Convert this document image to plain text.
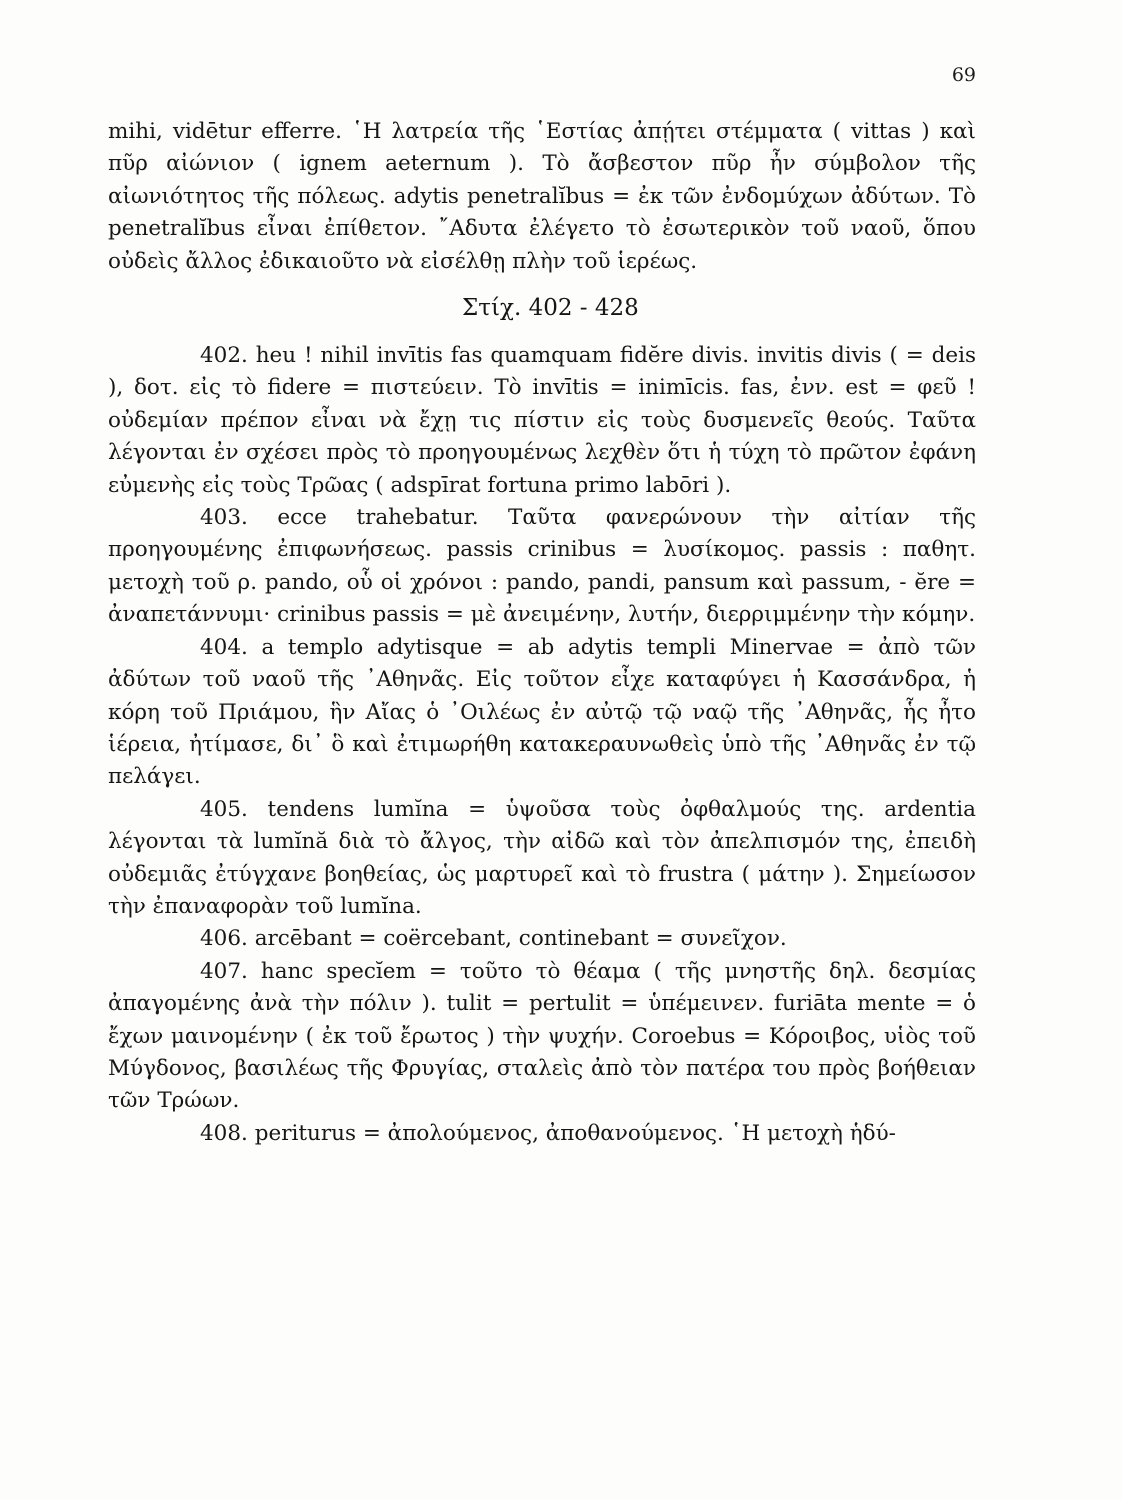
69

mihi, vidētur efferre. ῾Η λατρεία τῆς ῾Εστίας ἀπῄτει στέμματα ( vittas ) καὶ πῦρ αἰώνιον ( ignem aeternum ). Τὸ ἄσβεστον πῦρ ἦν σύμβολον τῆς αἰωνιότητος τῆς πόλεως. adytis penetralĭbus = ἐκ τῶν ἐνδομύχων ἀδύτων. Τὸ penetralĭbus εἶναι ἐπίθετον. ῎Αδυτα ἐλέγετο τὸ ἐσωτερικὸν τοῦ ναοῦ, ὅπου οὐδεὶς ἄλλος ἐδικαιοῦτο νὰ εἰσέλθῃ πλὴν τοῦ ἱερέως.

Στίχ. 402 - 428

402. heu ! nihil invītis fas quamquam fidĕre divis. invitis divis ( = deis ), δοτ. εἰς τὸ fidere = πιστεύειν. Τὸ invītis = inimīcis. fas, ἐνν. est = φεῦ ! οὐδεμίαν πρέπον εἶναι νὰ ἔχῃ τις πίστιν εἰς τοὺς δυσμενεῖς θεούς. Ταῦτα λέγονται ἐν σχέσει πρὸς τὸ προηγουμένως λεχθὲν ὅτι ἡ τύχη τὸ πρῶτον ἐφάνη εὐμενὴς εἰς τοὺς Τρῶας ( adspīrat fortuna primo labōri ).

403. ecce trahebatur. Ταῦτα φανερώνουν τὴν αἰτίαν τῆς προηγουμένης ἐπιφωνήσεως. passis crinibus = λυσίκομος. passis : παθητ. μετοχὴ τοῦ ρ. pando, οὗ οἱ χρόνοι : pando, pandi, pansum καὶ passum, - ĕre = ἀναπετάννυμι· crinibus passis = μὲ ἀνειμένην, λυτήν, διερριμμένην τὴν κόμην.

404. a templo adytisque = ab adytis templi Minervae = ἀπὸ τῶν ἀδύτων τοῦ ναοῦ τῆς ᾿Αθηνᾶς. Εἰς τοῦτον εἶχε καταφύγει ἡ Κασσάνδρα, ἡ κόρη τοῦ Πριάμου, ἣν Αἴας ὁ ᾿Οιλέως ἐν αὐτῷ τῷ ναῷ τῆς ᾿Αθηνᾶς, ἧς ἦτο ἱέρεια, ἠτίμασε, δι᾿ ὃ καὶ ἐτιμωρήθη κατακεραυνωθεὶς ὑπὸ τῆς ᾿Αθηνᾶς ἐν τῷ πελάγει.

405. tendens lumĭna = ὑψοῦσα τοὺς ὀφθαλμούς της. ardentia λέγονται τὰ lumĭnă διὰ τὸ ἄλγος, τὴν αἰδῶ καὶ τὸν ἀπελπισμόν της, ἐπειδὴ οὐδεμιᾶς ἐτύγχανε βοηθείας, ὡς μαρτυρεῖ καὶ τὸ frustra ( μάτην ). Σημείωσον τὴν ἐπαναφορὰν τοῦ lumĭna.

406. arcēbant = coërcebant, continebant = συνεῖχον.

407. hanc specĭem = τοῦτο τὸ θέαμα ( τῆς μνηστῆς δηλ. δεσμίας ἀπαγομένης ἀνὰ τὴν πόλιν ). tulit = pertulit = ὑπέμεινεν. furiāta mente = ὁ ἔχων μαινομένην ( ἐκ τοῦ ἔρωτος ) τὴν ψυχήν. Coroebus = Κόροιβος, υἱὸς τοῦ Μύγδονος, βασιλέως τῆς Φρυγίας, σταλεὶς ἀπὸ τὸν πατέρα του πρὸς βοήθειαν τῶν Τρώων.

408. periturus = ἀπολούμενος, ἀποθανούμενος. ῾Η μετοχὴ ἡδύ-
